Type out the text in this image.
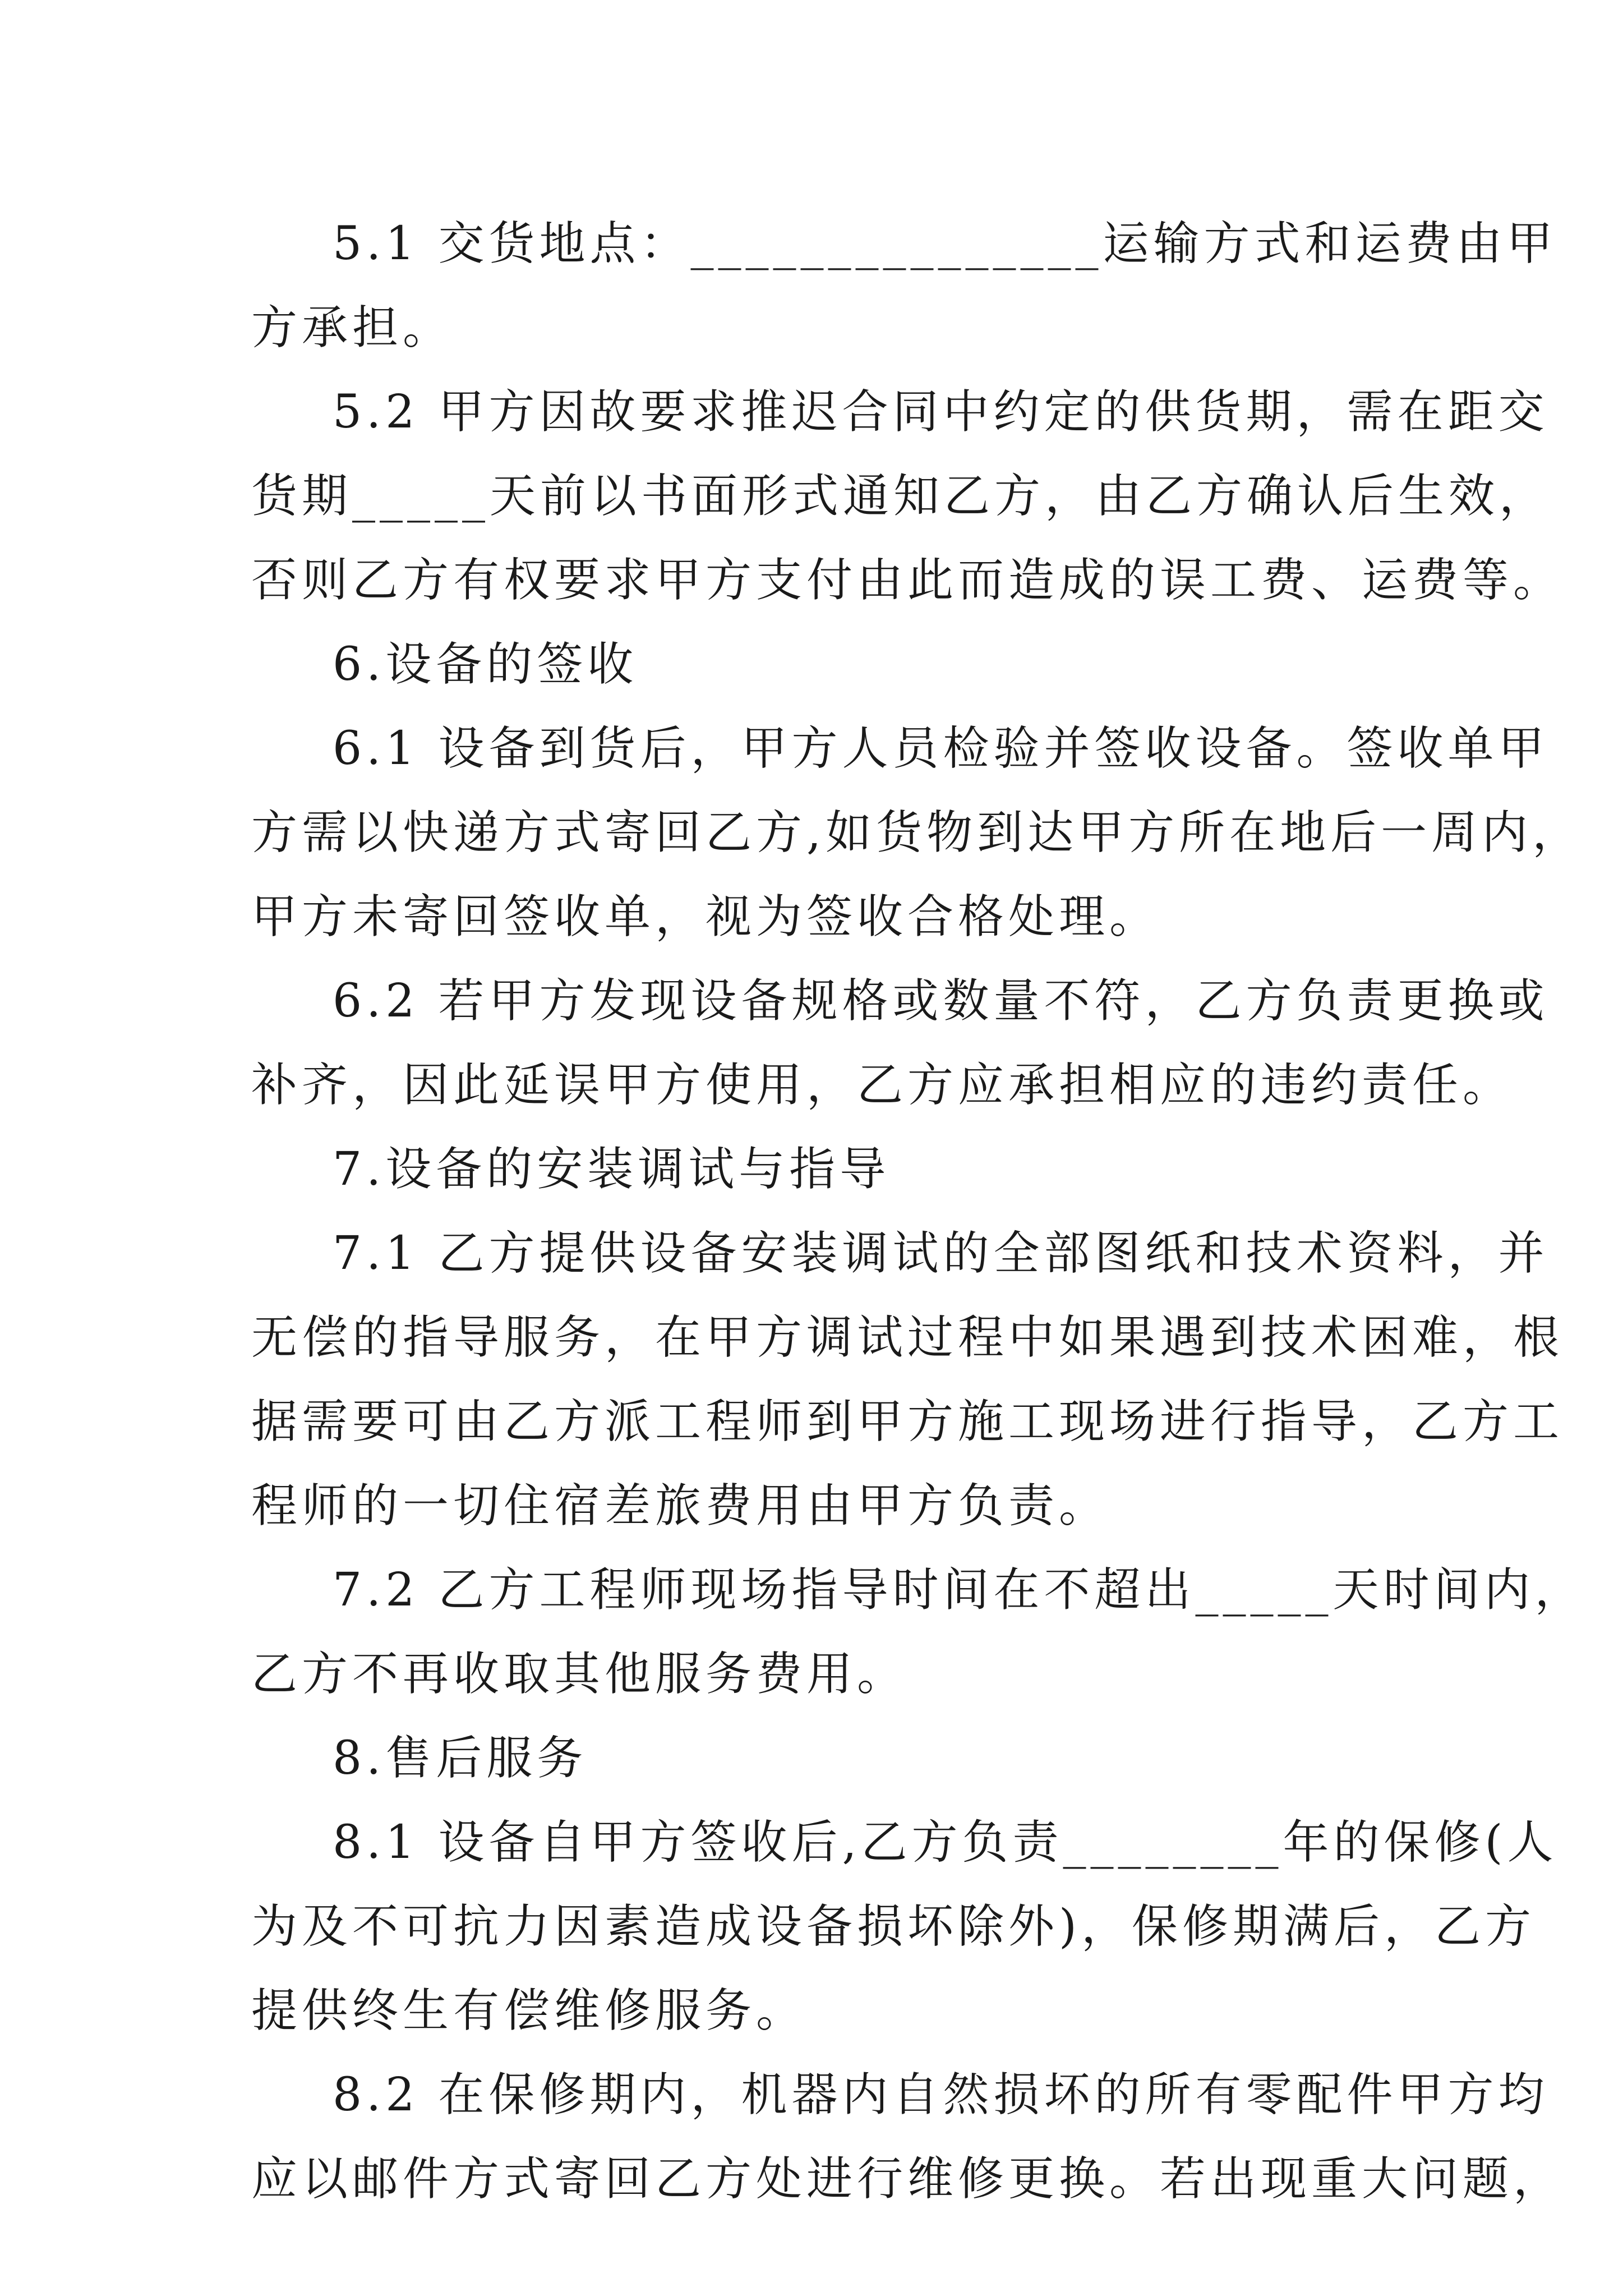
5.1 交货地点：_______________运输方式和运费由甲
方承担。
5.2 甲方因故要求推迟合同中约定的供货期，需在距交
货期_____天前以书面形式通知乙方，由乙方确认后生效，
否则乙方有权要求甲方支付由此而造成的误工费、运费等。
6.设备的签收
6.1 设备到货后，甲方人员检验并签收设备。签收单甲
方需以快递方式寄回乙方,如货物到达甲方所在地后一周内，
甲方未寄回签收单，视为签收合格处理。
6.2 若甲方发现设备规格或数量不符，乙方负责更换或
补齐，因此延误甲方使用，乙方应承担相应的违约责任。
7.设备的安装调试与指导
7.1 乙方提供设备安装调试的全部图纸和技术资料，并
无偿的指导服务，在甲方调试过程中如果遇到技术困难，根
据需要可由乙方派工程师到甲方施工现场进行指导，乙方工
程师的一切住宿差旅费用由甲方负责。
7.2 乙方工程师现场指导时间在不超出_____天时间内，
乙方不再收取其他服务费用。
8.售后服务
8.1 设备自甲方签收后,乙方负责________年的保修(人
为及不可抗力因素造成设备损坏除外)，保修期满后，乙方
提供终生有偿维修服务。
8.2 在保修期内，机器内自然损坏的所有零配件甲方均
应以邮件方式寄回乙方处进行维修更换。若出现重大问题，
